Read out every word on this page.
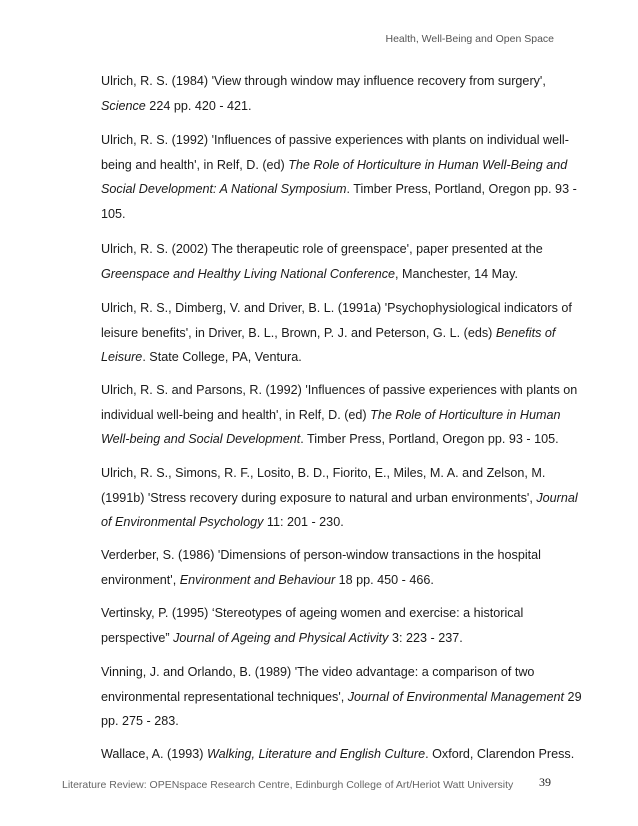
Health, Well-Being and Open Space
Ulrich, R. S. (1984) 'View through window may influence recovery from surgery',
Science 224 pp. 420 - 421.
Ulrich, R. S. (1992) 'Influences of passive experiences with plants on individual well-
being and health', in Relf, D. (ed) The Role of Horticulture in Human Well-Being and
Social Development: A National Symposium. Timber Press, Portland, Oregon pp. 93 -
105.
Ulrich, R. S. (2002) The therapeutic role of greenspace', paper presented at the
Greenspace and Healthy Living National Conference, Manchester, 14 May.
Ulrich, R. S., Dimberg, V. and Driver, B. L. (1991a) 'Psychophysiological indicators of
leisure benefits', in Driver, B. L., Brown, P. J. and Peterson, G. L. (eds) Benefits of
Leisure. State College, PA, Ventura.
Ulrich, R. S. and Parsons, R. (1992) 'Influences of passive experiences with plants on
individual well-being and health', in Relf, D. (ed) The Role of Horticulture in Human
Well-being and Social Development. Timber Press, Portland, Oregon pp. 93 - 105.
Ulrich, R. S., Simons, R. F., Losito, B. D., Fiorito, E., Miles, M. A. and Zelson, M.
(1991b) 'Stress recovery during exposure to natural and urban environments', Journal
of Environmental Psychology 11: 201 - 230.
Verderber, S. (1986) 'Dimensions of person-window transactions in the hospital
environment', Environment and Behaviour 18 pp. 450 - 466.
Vertinsky, P. (1995) ‘Stereotypes of ageing women and exercise: a historical
perspective” Journal of Ageing and Physical Activity 3: 223 - 237.
Vinning, J. and Orlando, B. (1989) 'The video advantage: a comparison of two
environmental representational techniques', Journal of Environmental Management 29
pp. 275 - 283.
Wallace, A. (1993) Walking, Literature and English Culture. Oxford, Clarendon Press.
Literature Review: OPENspace Research Centre, Edinburgh College of Art/Heriot Watt University 39
